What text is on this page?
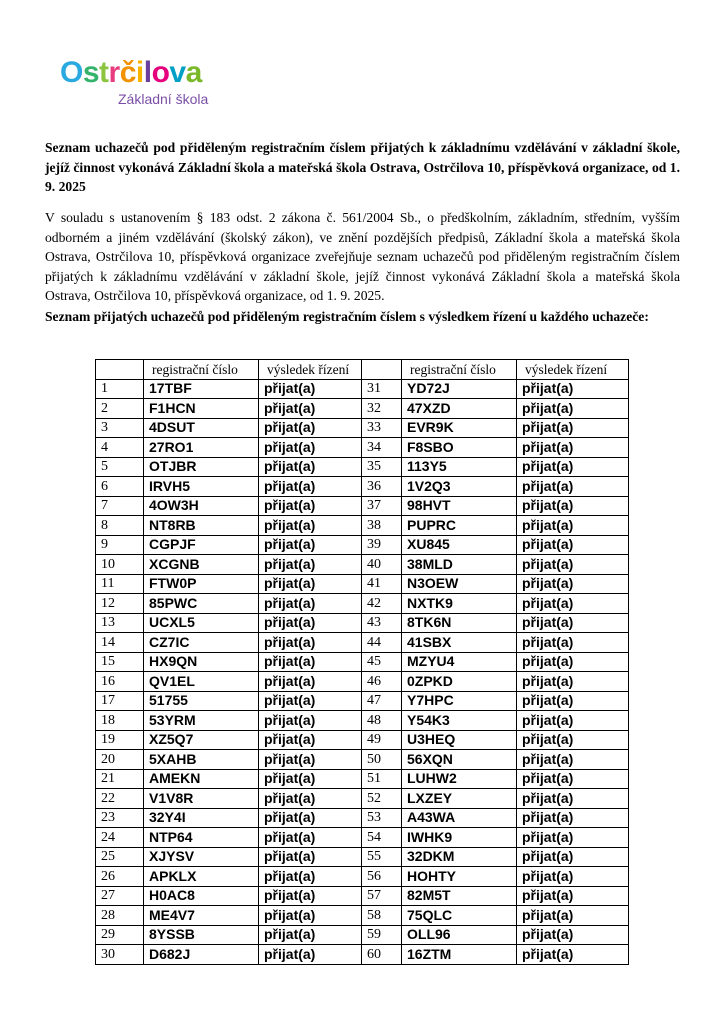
Ostrčilova
Základní škola
Seznam uchazečů pod přiděleným registračním číslem přijatých k základnímu vzdělávání v základní škole, jejíž činnost vykonává Základní škola a mateřská škola Ostrava, Ostrčilova 10, příspěvková organizace, od 1. 9. 2025
V souladu s ustanovením § 183 odst. 2 zákona č. 561/2004 Sb., o předškolním, základním, středním, vyšším odborném a jiném vzdělávání (školský zákon), ve znění pozdějších předpisů, Základní škola a mateřská škola Ostrava, Ostrčilova 10, příspěvková organizace zveřejňuje seznam uchazečů pod přiděleným registračním číslem přijatých k základnímu vzdělávání v základní škole, jejíž činnost vykonává Základní škola a mateřská škola Ostrava, Ostrčilova 10, příspěvková organizace, od 1. 9. 2025.
Seznam přijatých uchazečů pod přiděleným registračním číslem s výsledkem řízení u každého uchazeče:
	registrační číslo	výsledek řízení		registrační číslo	výsledek řízení
1	17TBF	přijat(a)	31	YD72J	přijat(a)
2	F1HCN	přijat(a)	32	47XZD	přijat(a)
3	4DSUT	přijat(a)	33	EVR9K	přijat(a)
4	27RO1	přijat(a)	34	F8SBO	přijat(a)
5	OTJBR	přijat(a)	35	113Y5	přijat(a)
6	IRVH5	přijat(a)	36	1V2Q3	přijat(a)
7	4OW3H	přijat(a)	37	98HVT	přijat(a)
8	NT8RB	přijat(a)	38	PUPRC	přijat(a)
9	CGPJF	přijat(a)	39	XU845	přijat(a)
10	XCGNB	přijat(a)	40	38MLD	přijat(a)
11	FTW0P	přijat(a)	41	N3OEW	přijat(a)
12	85PWC	přijat(a)	42	NXTK9	přijat(a)
13	UCXL5	přijat(a)	43	8TK6N	přijat(a)
14	CZ7IC	přijat(a)	44	41SBX	přijat(a)
15	HX9QN	přijat(a)	45	MZYU4	přijat(a)
16	QV1EL	přijat(a)	46	0ZPKD	přijat(a)
17	51755	přijat(a)	47	Y7HPC	přijat(a)
18	53YRM	přijat(a)	48	Y54K3	přijat(a)
19	XZ5Q7	přijat(a)	49	U3HEQ	přijat(a)
20	5XAHB	přijat(a)	50	56XQN	přijat(a)
21	AMEKN	přijat(a)	51	LUHW2	přijat(a)
22	V1V8R	přijat(a)	52	LXZEY	přijat(a)
23	32Y4I	přijat(a)	53	A43WA	přijat(a)
24	NTP64	přijat(a)	54	IWHK9	přijat(a)
25	XJYSV	přijat(a)	55	32DKM	přijat(a)
26	APKLX	přijat(a)	56	HOHTY	přijat(a)
27	H0AC8	přijat(a)	57	82M5T	přijat(a)
28	ME4V7	přijat(a)	58	75QLC	přijat(a)
29	8YSSB	přijat(a)	59	OLL96	přijat(a)
30	D682J	přijat(a)	60	16ZTM	přijat(a)
